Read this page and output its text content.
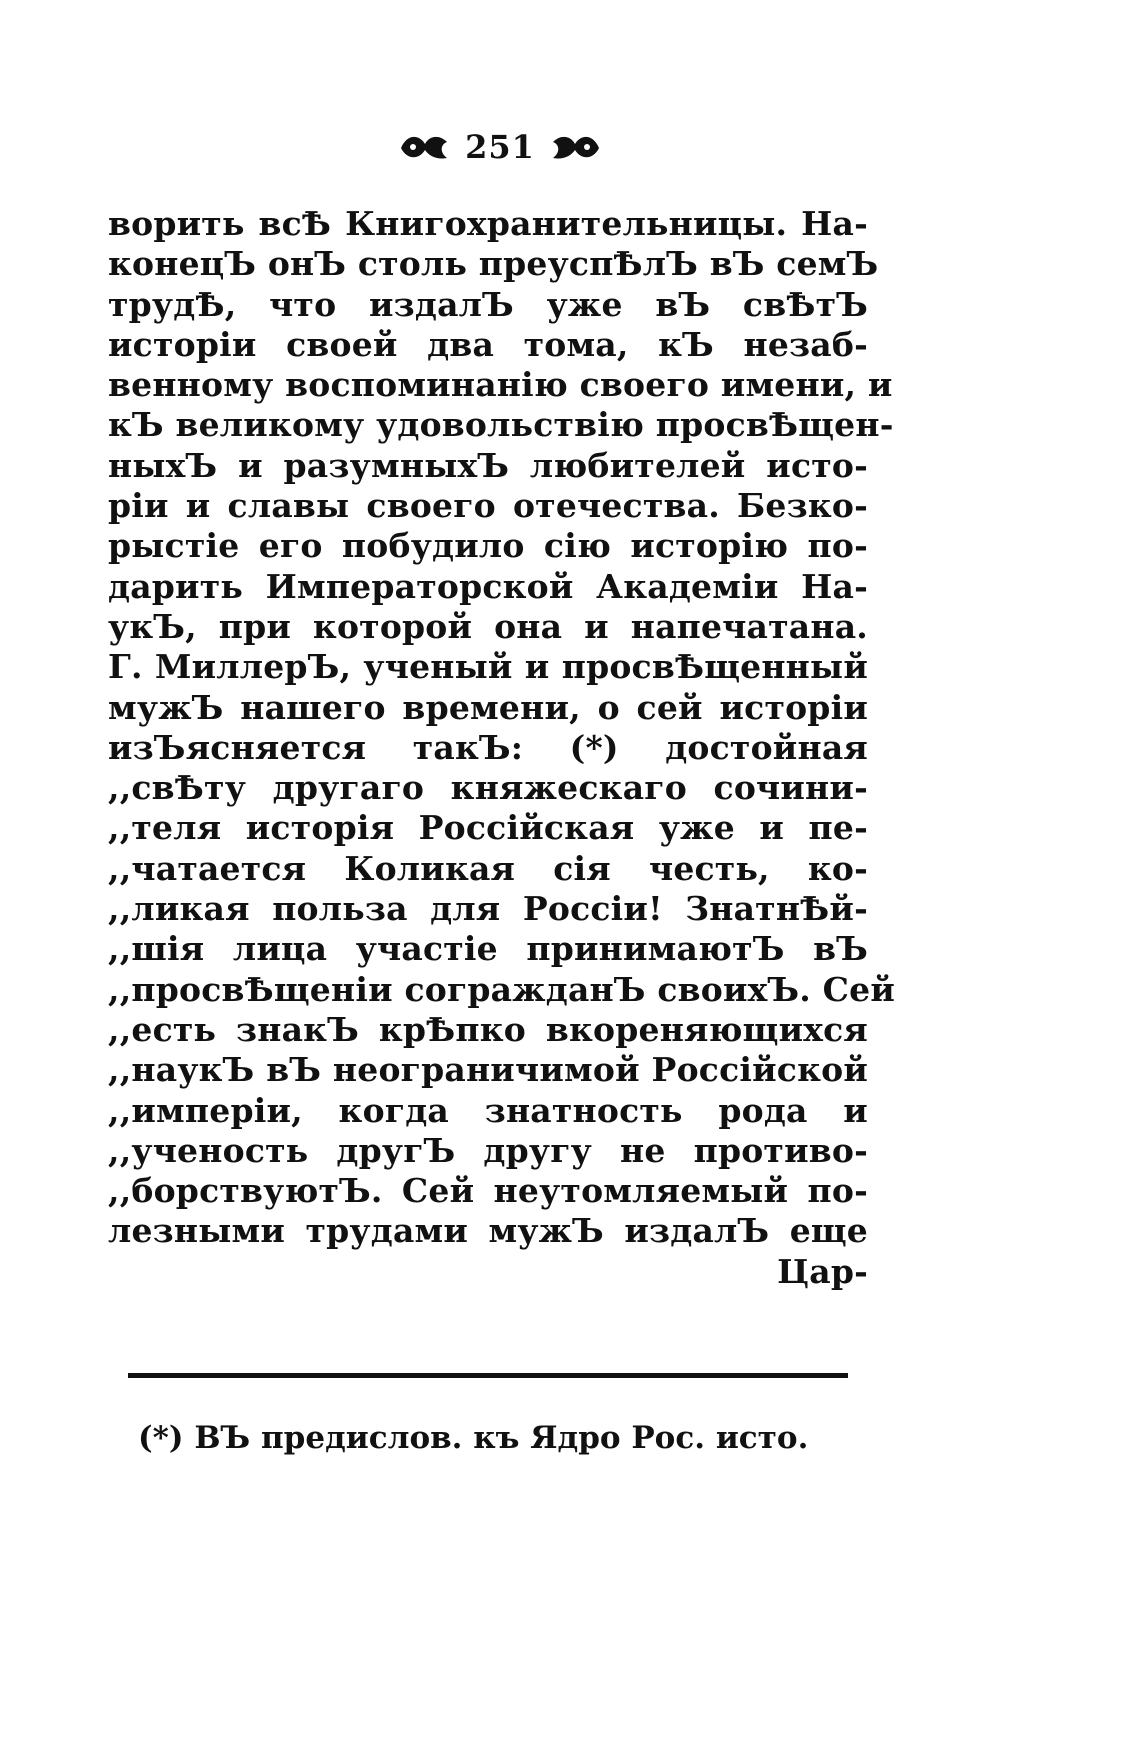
251
ворить всѢ Книгохранительницы. На-
конецЪ онЪ столь преуспѢлЪ вЪ семЪ
трудѢ, что издалЪ уже вЪ свѢтЪ
исторіи своей два тома, кЪ незаб-
венному воспоминанію своего имени, и
кЪ великому удовольствію просвѢщен-
ныхЪ и разумныхЪ любителей исто-
ріи и славы своего отечества. Безко-
рыстіе его побудило сію исторію по-
дарить Императорской Академіи На-
укЪ, при которой она и напечатана.
Г. МиллерЪ, ученый и просвѢщенный
мужЪ нашего времени, о сей исторіи
изЪясняется такЪ: (*) достойная
,,свѢту другаго княжескаго сочини-
,,теля исторія Россійская уже и пе-
,,чатается Коликая сія честь, ко-
,,ликая польза для Россіи! ЗнатнѢй-
,,шія лица участіе принимаютЪ вЪ
,,просвѢщеніи согражданЪ своихЪ. Сей
,,есть знакЪ крѢпко вкореняющихся
,,наукЪ вЪ неограничимой Россійской
,,имперіи, когда знатность рода и
,,ученость другЪ другу не противо-
,,борствуютЪ. Сей неутомляемый по-
лезными трудами мужЪ издалЪ еще
Цар-
(*) ВЪ предислов. къ Ядро Рос. исто.
